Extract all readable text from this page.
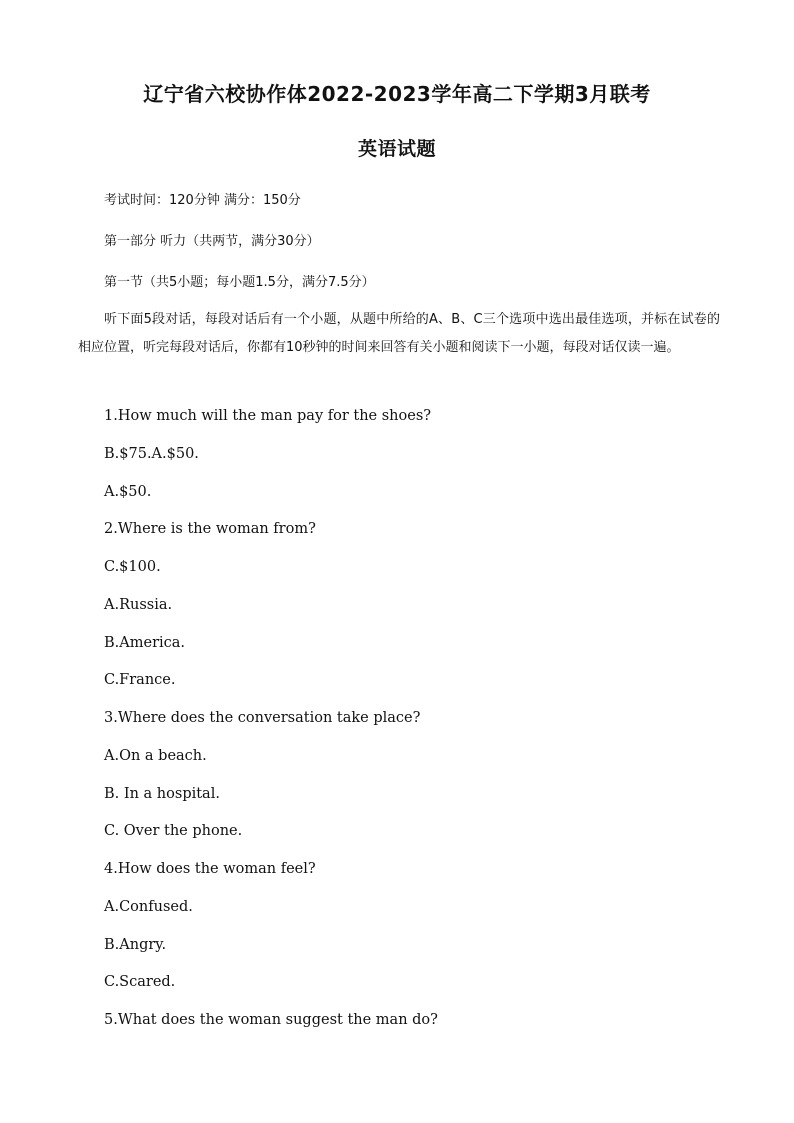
辽宁省六校协作体2022-2023学年高二下学期3月联考
英语试题
考试时间：120分钟 满分：150分
第一部分 听力（共两节，满分30分）
第一节（共5小题；每小题1.5分，满分7.5分）
听下面5段对话，每段对话后有一个小题，从题中所给的A、B、C三个选项中选出最佳选项，并标在试卷的相应位置，听完每段对话后，你都有10秒钟的时间来回答有关小题和阅读下一小题，每段对话仅读一遍。
1.How much will the man pay for the shoes?
B.$75.A.$50.
A.$50.
2.Where is the woman from?
C.$100.
A.Russia.
B.America.
C.France.
3.Where does the conversation take place?
A.On a beach.
B. In a hospital.
C. Over the phone.
4.How does the woman feel?
A.Confused.
B.Angry.
C.Scared.
5.What does the woman suggest the man do?
